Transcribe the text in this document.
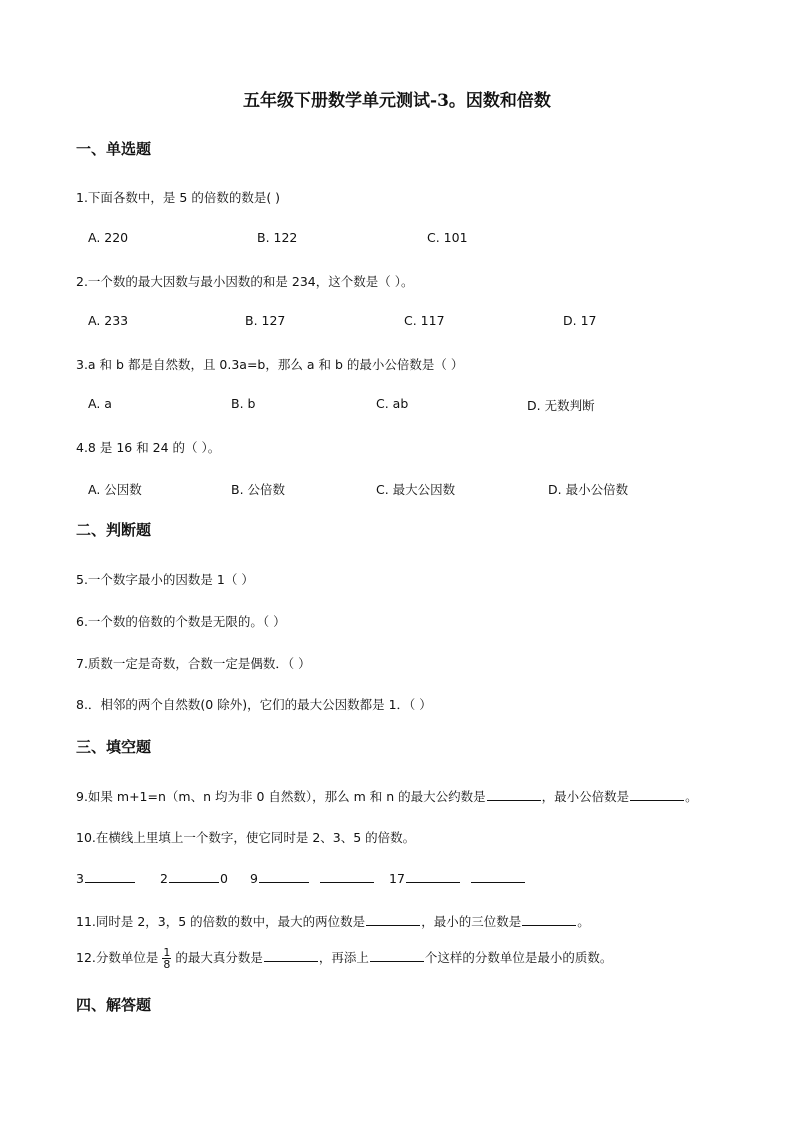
五年级下册数学单元测试-3。因数和倍数
一、单选题
1.下面各数中，是 5 的倍数的数是( )
A. 220	B. 122	C. 101
2.一个数的最大因数与最小因数的和是 234，这个数是（ ）。
A. 233	B. 127	C. 117	D. 17
3.a 和 b 都是自然数，且 0.3a=b，那么 a 和 b 的最小公倍数是（ ）
A. a	B. b	C. ab	D. 无数判断
4.8 是 16 和 24 的（ ）。
A. 公因数	B. 公倍数	C. 最大公因数	D. 最小公倍数
二、判断题
5.一个数字最小的因数是 1（ ）
6.一个数的倍数的个数是无限的。（ ）
7.质数一定是奇数，合数一定是偶数．（ ）
8.．相邻的两个自然数(0 除外)，它们的最大公因数都是 1．（ ）
三、填空题
9.如果 m+1=n（m、n 均为非 0 自然数），那么 m 和 n 的最大公约数是	，最小公倍数是	。
10.在横线上里填上一个数字，使它同时是 2、3、5 的倍数。
3	2	0 9	17
11.同时是 2，3，5 的倍数的数中，最大的两位数是	，最小的三位数是	。
12.分数单位是 $\frac{1}{8}$ 的最大真分数是	，再添上	个这样的分数单位是最小的质数。
四、解答题
